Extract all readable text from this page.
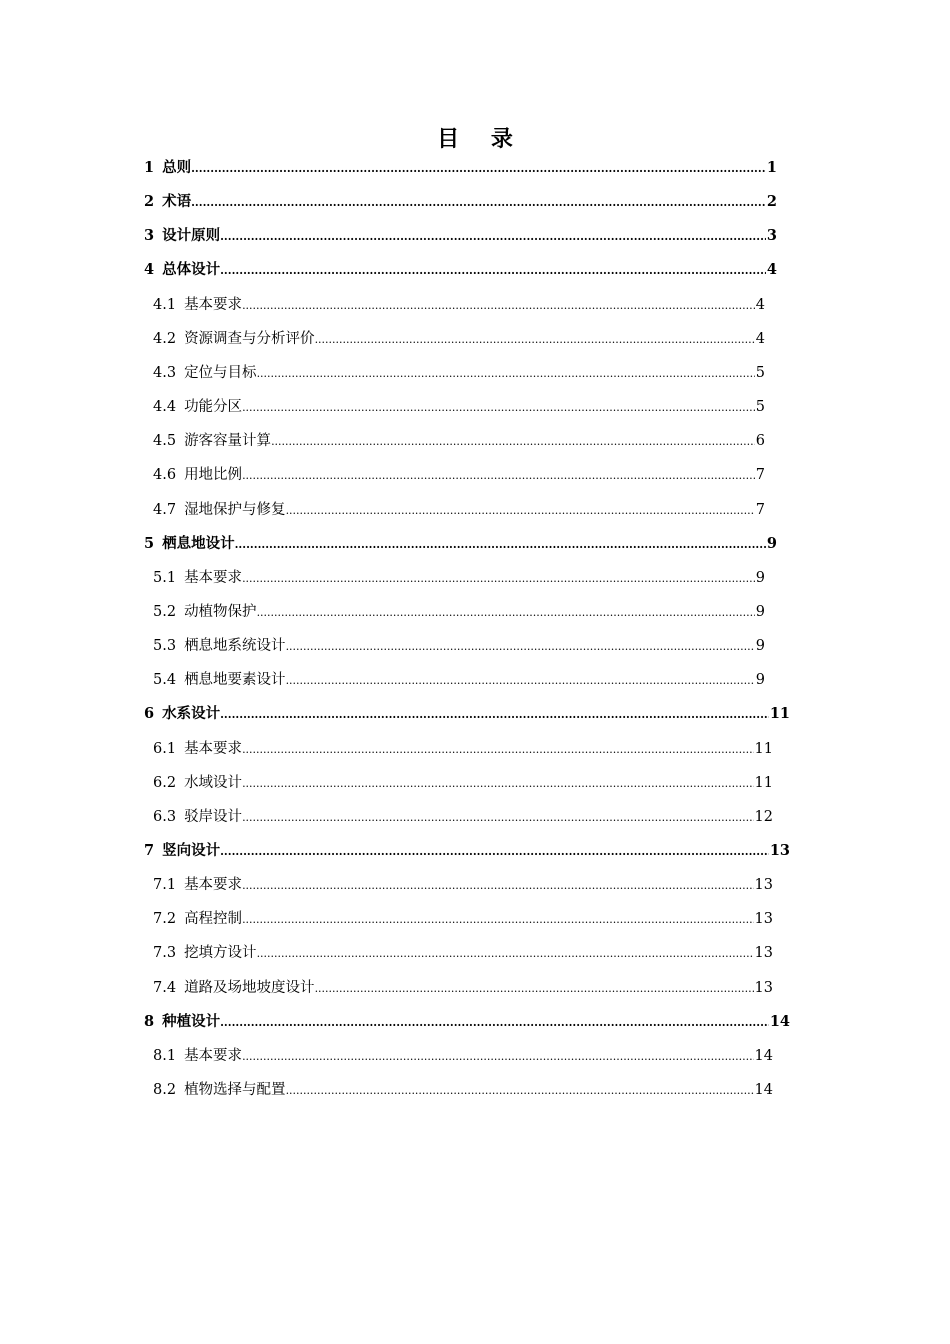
目 录
1 总则 .....	1
2 术语 .....	2
3 设计原则 .....	3
4 总体设计 .....	4
4.1 基本要求 .....	4
4.2 资源调查与分析评价 .....	4
4.3 定位与目标 .....	5
4.4 功能分区 .....	5
4.5 游客容量计算 .....	6
4.6 用地比例 .....	7
4.7 湿地保护与修复 .....	7
5 栖息地设计 .....	9
5.1 基本要求 .....	9
5.2 动植物保护 .....	9
5.3 栖息地系统设计 .....	9
5.4 栖息地要素设计 .....	9
6 水系设计 .....	11
6.1 基本要求 .....	11
6.2 水域设计 .....	11
6.3 驳岸设计 .....	12
7 竖向设计 .....	13
7.1 基本要求 .....	13
7.2 高程控制 .....	13
7.3 挖填方设计 .....	13
7.4 道路及场地坡度设计 .....	13
8 种植设计 .....	14
8.1 基本要求 .....	14
8.2 植物选择与配置 .....	14
